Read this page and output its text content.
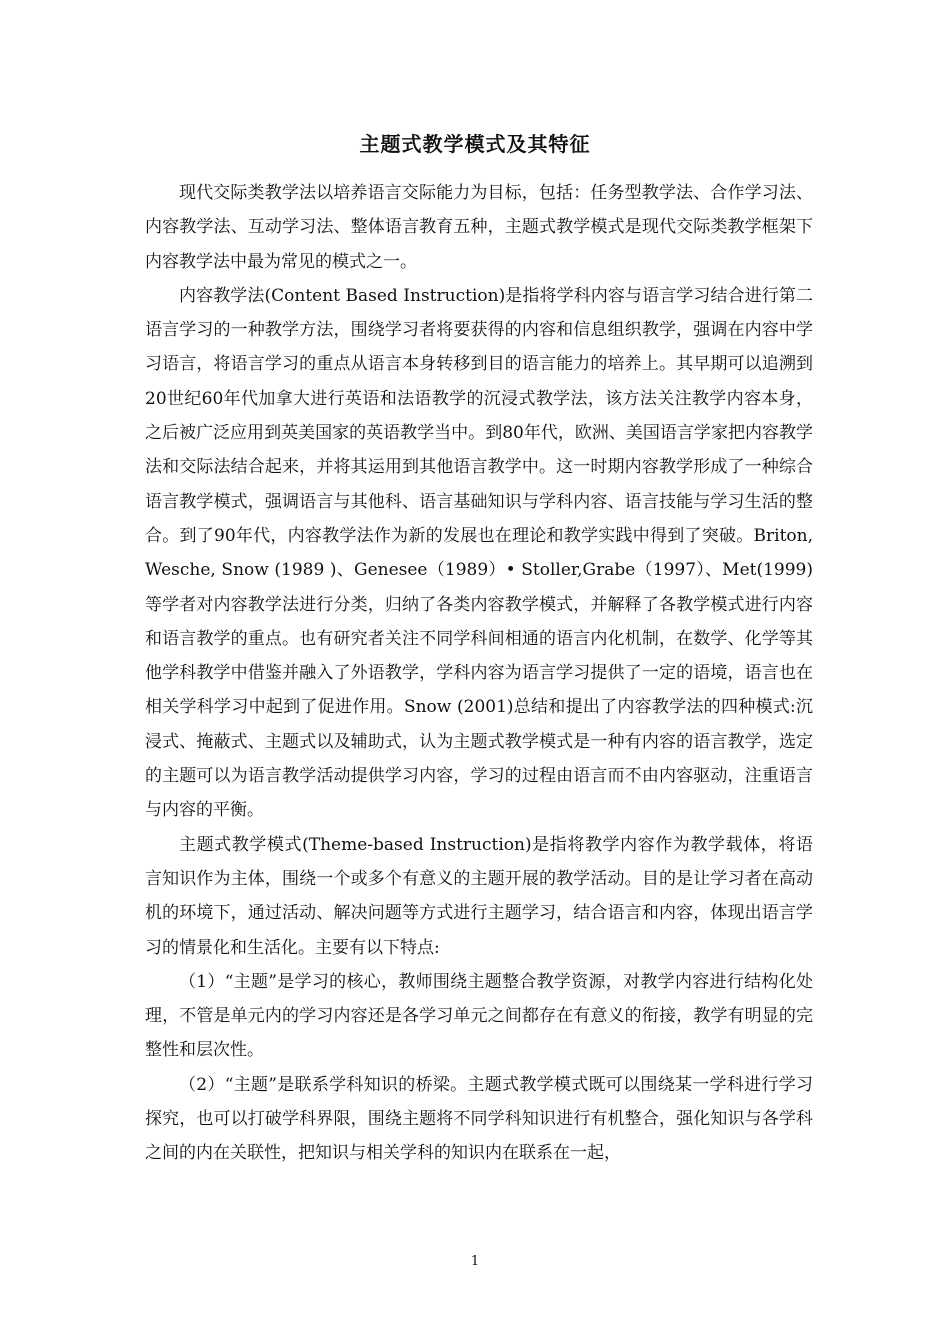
主题式教学模式及其特征

现代交际类教学法以培养语言交际能力为目标，包括：任务型教学法、合作学习法、 内容教学法、互动学习法、整体语言教育五种，主题式教学模式是现代交际类教学框架下内容教学法中最为常见的模式之一。

内容教学法(Content Based Instruction)是指将学科内容与语言学习结合进行第二语言学习的一种教学方法，围绕学习者将要获得的内容和信息组织教学，强调在内容中学习语言，将语言学习的重点从语言本身转移到目的语言能力的培养上。其早期可以追溯到20世纪60年代加拿大进行英语和法语教学的沉浸式教学法，该方法关注教学内容本身，之后被广泛应用到英美国家的英语教学当中。到80年代，欧洲、美国语言学家把内容教学法和交际法结合起来，并将其运用到其他语言教学中。这一时期内容教学形成了一种综合语言教学模式，强调语言与其他科、语言基础知识与学科内容、语言技能与学习生活的整合。到了90年代，内容教学法作为新的发展也在理论和教学实践中得到了突破。Briton, Wesche, Snow (1989 )、Genesee（1989）• Stoller,Grabe（1997）、Met(1999)等学者对内容教学法进行分类，归纳了各类内容教学模式，并解释了各教学模式进行内容和语言教学的重点。也有研究者关注不同学科间相通的语言内化机制，在数学、化学等其他学科教学中借鉴并融入了外语教学，学科内容为语言学习提供了一定的语境，语言也在相关学科学习中起到了促进作用。Snow (2001)总结和提出了内容教学法的四种模式:沉浸式、掩蔽式、主题式以及辅助式，认为主题式教学模式是一种有内容的语言教学，选定的主题可以为语言教学活动提供学习内容，学习的过程由语言而不由内容驱动，注重语言与内容的平衡。

主题式教学模式(Theme-based Instruction)是指将教学内容作为教学载体，将语言知识作为主体，围绕一个或多个有意义的主题开展的教学活动。目的是让学习者在高动机的环境下，通过活动、解决问题等方式进行主题学习，结合语言和内容，体现出语言学习的情景化和生活化。主要有以下特点:

（1）“主题”是学习的核心，教师围绕主题整合教学资源，对教学内容进行结构化处理，不管是单元内的学习内容还是各学习单元之间都存在有意义的衔接，教学有明显的完整性和层次性。

（2）“主题”是联系学科知识的桥梁。主题式教学模式既可以围绕某一学科进行学习探究，也可以打破学科界限，围绕主题将不同学科知识进行有机整合，强化知识与各学科之间的内在关联性，把知识与相关学科的知识内在联系在一起，

1
